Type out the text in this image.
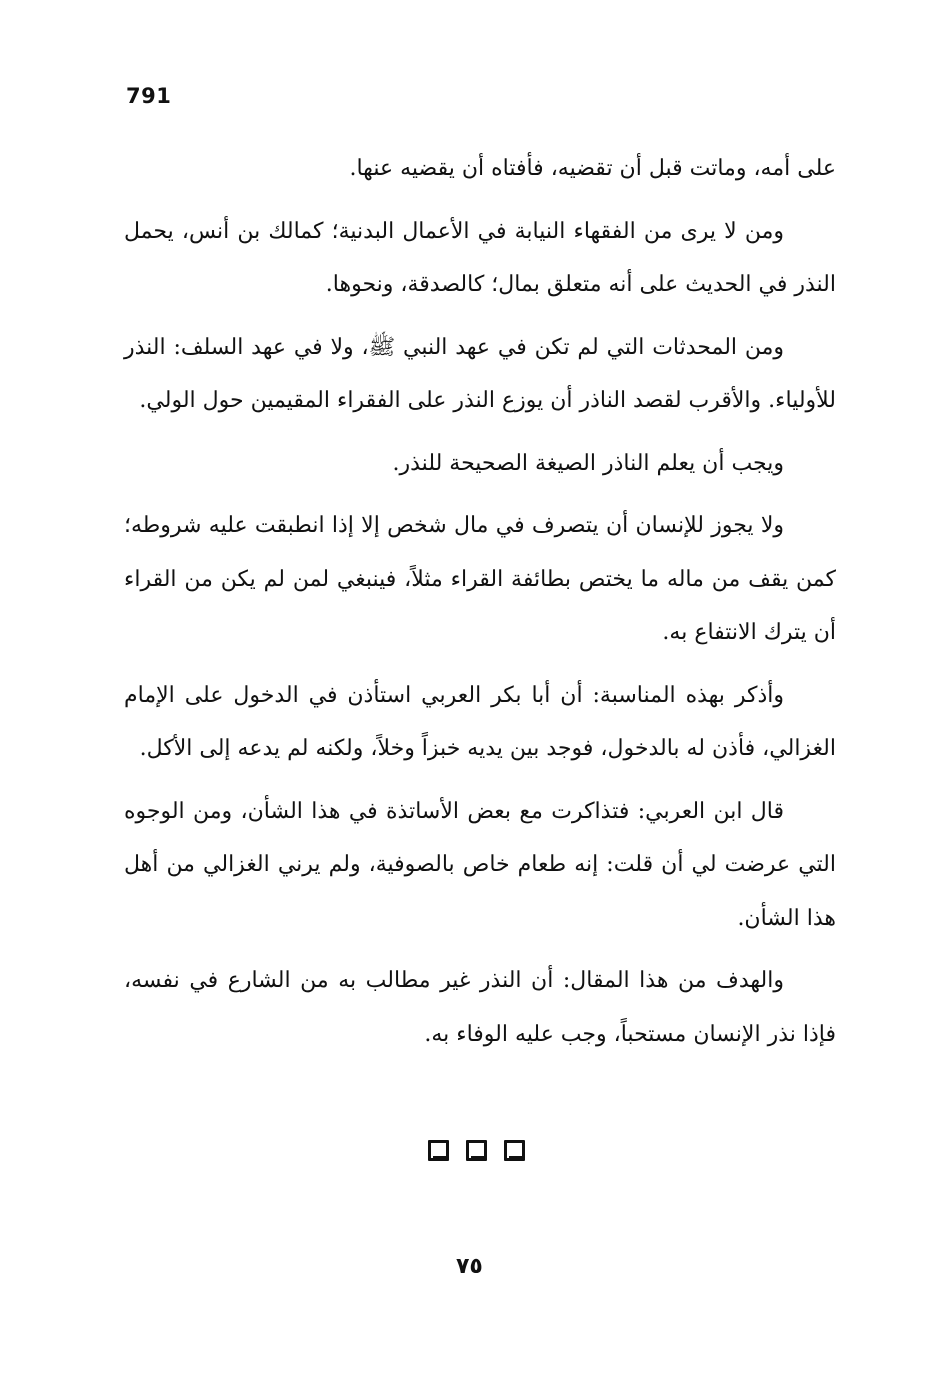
791

على أمه، وماتت قبل أن تقضيه، فأفتاه أن يقضيه عنها.

ومن لا يرى من الفقهاء النيابة في الأعمال البدنية؛ كمالك بن أنس، يحمل النذر في الحديث على أنه متعلق بمال؛ كالصدقة، ونحوها.

ومن المحدثات التي لم تكن في عهد النبي ﷺ، ولا في عهد السلف: النذر للأولياء. والأقرب لقصد الناذر أن يوزع النذر على الفقراء المقيمين حول الولي.

ويجب أن يعلم الناذر الصيغة الصحيحة للنذر.

ولا يجوز للإنسان أن يتصرف في مال شخص إلا إذا انطبقت عليه شروطه؛ كمن يقف من ماله ما يختص بطائفة القراء مثلاً، فينبغي لمن لم يكن من القراء أن يترك الانتفاع به.

وأذكر بهذه المناسبة: أن أبا بكر العربي استأذن في الدخول على الإمام الغزالي، فأذن له بالدخول، فوجد بين يديه خبزاً وخلاً، ولكنه لم يدعه إلى الأكل.

قال ابن العربي: فتذاكرت مع بعض الأساتذة في هذا الشأن، ومن الوجوه التي عرضت لي أن قلت: إنه طعام خاص بالصوفية، ولم يرني الغزالي من أهل هذا الشأن.

والهدف من هذا المقال: أن النذر غير مطالب به من الشارع في نفسه، فإذا نذر الإنسان مستحباً، وجب عليه الوفاء به.

٧٥
